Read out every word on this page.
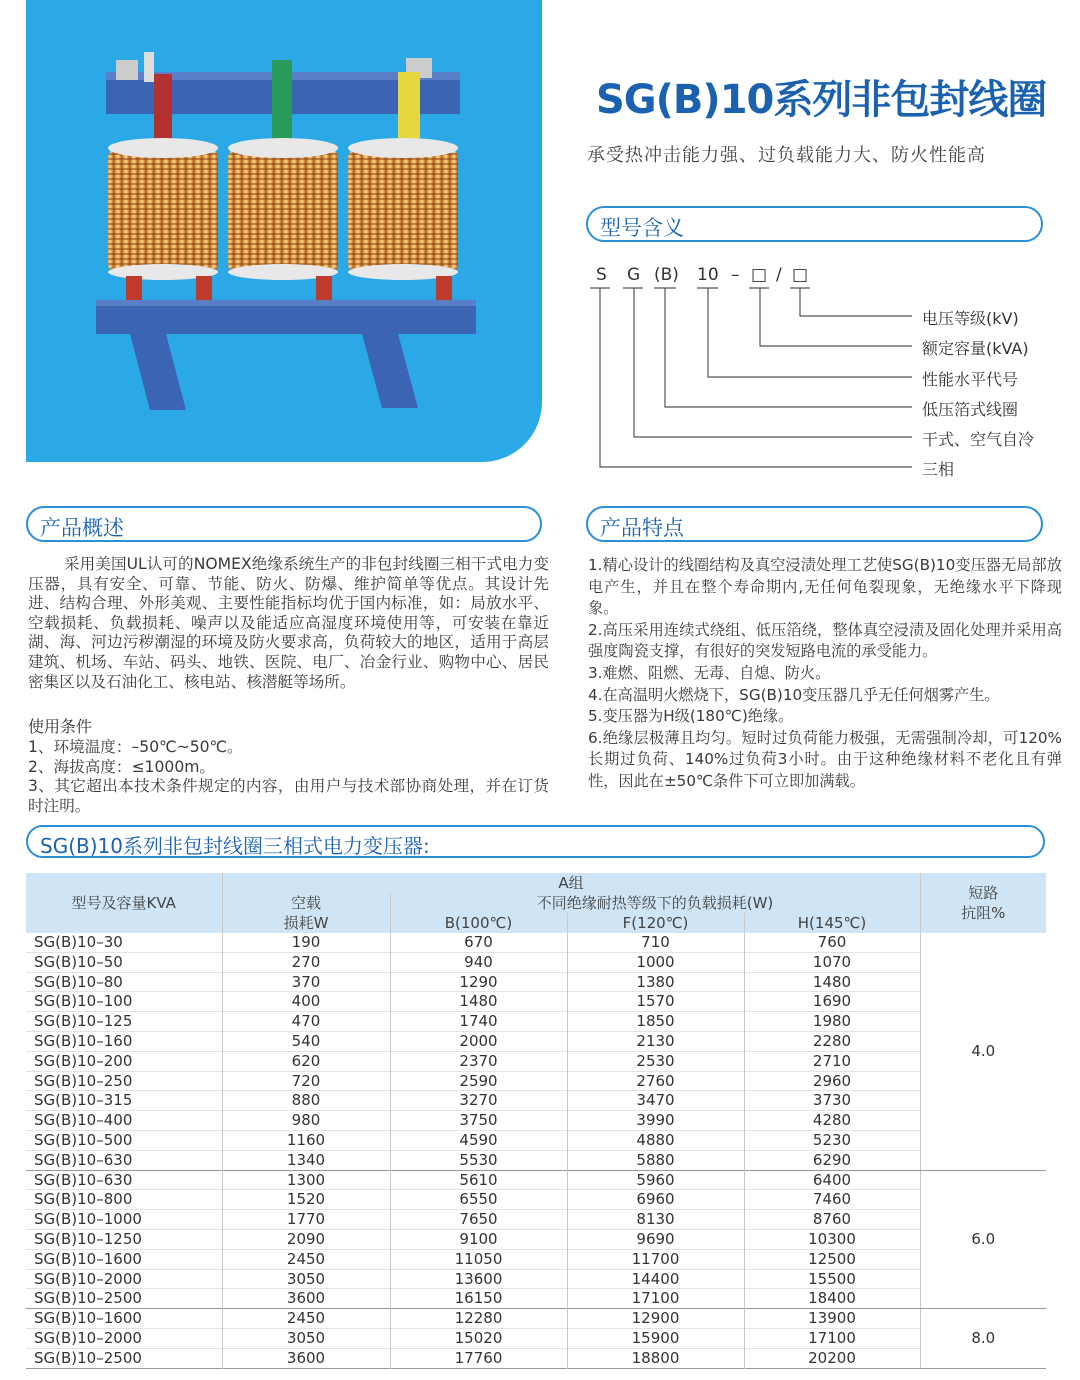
SG(B)10系列非包封线圈
承受热冲击能力强、过负载能力大、防火性能高
型号含义
S G (B) 10 – □ / □
电压等级(kV)
额定容量(kVA)
性能水平代号
低压箔式线圈
干式、空气自冷
三相
产品概述

采用美国UL认可的NOMEX绝缘系统生产的非包封线圈三相干式电力变压器，具有安全、可靠、节能、防火、防爆、维护简单等优点。其设计先进、结构合理、外形美观、主要性能指标均优于国内标准，如：局放水平、空载损耗、负载损耗、噪声以及能适应高湿度环境使用等，可安装在靠近湖、海、河边污秽潮湿的环境及防火要求高，负荷较大的地区，适用于高层建筑、机场、车站、码头、地铁、医院、电厂、冶金行业、购物中心、居民密集区以及石油化工、核电站、核潜艇等场所。

使用条件

1、环境温度：–50℃~50℃。

2、海拔高度：≤1000m。

3、其它超出本技术条件规定的内容，由用户与技术部协商处理，并在订货时注明。

产品特点

1.精心设计的线圈结构及真空浸渍处理工艺使SG(B)10变压器无局部放电产生，并且在整个寿命期内,无任何龟裂现象，无绝缘水平下降现象。

2.高压采用连续式绕组、低压箔绕，整体真空浸渍及固化处理并采用高强度陶瓷支撑，有很好的突发短路电流的承受能力。

3.难燃、阻燃、无毒、自熄、防火。

4.在高温明火燃烧下，SG(B)10变压器几乎无任何烟雾产生。

5.变压器为H级(180℃)绝缘。

6.绝缘层极薄且均匀。短时过负荷能力极强，无需强制冷却，可120%长期过负荷、140%过负荷3小时。由于这种绝缘材料不老化且有弹性，因此在±50℃条件下可立即加满载。

SG(B)10系列非包封线圈三相式电力变压器:
型号及容量KVA	A组				短路
抗阻%

	空载
损耗W	不同绝缘耐热等级下的负载损耗(W)			
		B(100℃)	F(120℃)	H(145℃)	
SG(B)10–30	190	670	710	760	4.0
SG(B)10–50	270	940	1000	1070	
SG(B)10–80	370	1290	1380	1480	
SG(B)10–100	400	1480	1570	1690	
SG(B)10–125	470	1740	1850	1980	
SG(B)10–160	540	2000	2130	2280	
SG(B)10–200	620	2370	2530	2710	
SG(B)10–250	720	2590	2760	2960	
SG(B)10–315	880	3270	3470	3730	
SG(B)10–400	980	3750	3990	4280	
SG(B)10–500	1160	4590	4880	5230	
SG(B)10–630	1340	5530	5880	6290	
SG(B)10–630	1300	5610	5960	6400	6.0
SG(B)10–800	1520	6550	6960	7460	
SG(B)10–1000	1770	7650	8130	8760	
SG(B)10–1250	2090	9100	9690	10300	
SG(B)10–1600	2450	11050	11700	12500	
SG(B)10–2000	3050	13600	14400	15500	
SG(B)10–2500	3600	16150	17100	18400	
SG(B)10–1600	2450	12280	12900	13900	8.0
SG(B)10–2000	3050	15020	15900	17100	
SG(B)10–2500	3600	17760	18800	20200	
